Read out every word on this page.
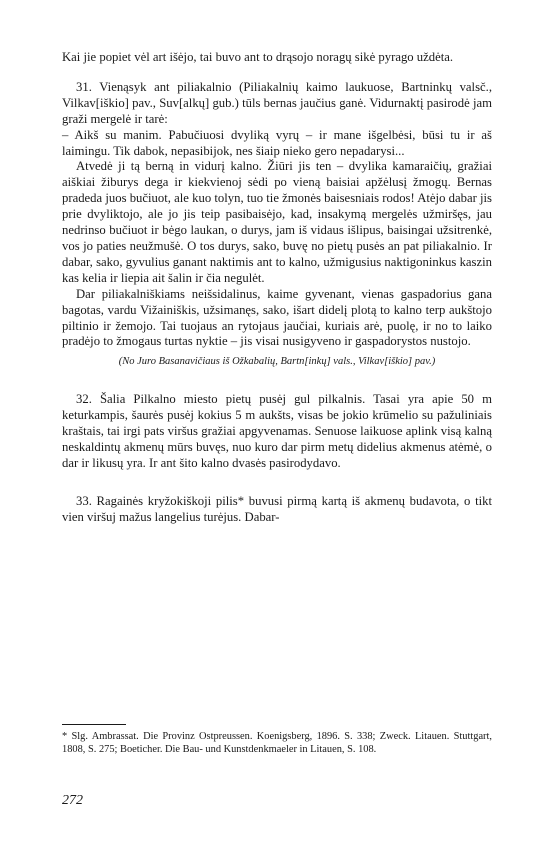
Kai jie popiet vėl art išėjo, tai buvo ant to drąsojo noragų sikė pyrago uždėta.

31. Vienąsyk ant piliakalnio (Piliakalnių kaimo laukuose, Bartninkų valsč., Vilkav[iškio] pav., Suv[alkų] gub.) tūls bernas jaučius ganė. Vidurnaktį pasirodė jam graži mergelė ir tarė:

– Aikš su manim. Pabučiuosi dvyliką vyrų – ir mane išgelbėsi, būsi tu ir aš laimingu. Tik dabok, nepasibijok, nes šiaip nieko gero nepadarysi...

Atvedė ji tą berną in vidurį kalno. Žiūri jis ten – dvylika kamaraičių, gražiai aiškiai žiburys dega ir kiekvienoj sėdi po vieną baisiai apžėlusį žmogų. Bernas pradeda juos bučiuot, ale kuo tolyn, tuo tie žmonės baisesniais rodos! Atėjo dabar jis prie dvyliktojo, ale jo jis teip pasibaisėjo, kad, insakymą mergelės užmiršęs, jau nedrinso bučiuot ir bėgo laukan, o durys, jam iš vidaus išlipus, baisingai užsitrenkė, vos jo paties neužmušė. O tos durys, sako, buvę no pietų pusės an pat piliakalnio. Ir dabar, sako, gyvulius ganant naktimis ant to kalno, užmigusius naktigoninkus kaszin kas kelia ir liepia ait šalin ir čia negulėt.

Dar piliakalniškiams neišsidalinus, kaime gyvenant, vienas gaspadorius gana bagotas, vardu Vižainiškis, užsimanęs, sako, išart didelį plotą to kalno terp aukštojo piltinio ir žemojo. Tai tuojaus an rytojaus jaučiai, kuriais arė, puolę, ir no to laiko pradėjo to žmogaus turtas nyktie – jis visai nusigyveno ir gaspadorystos nustojo.

(No Juro Basanavičiaus iš Ožkabalių, Bartn[inkų] vals., Vilkav[iškio] pav.)

32. Šalia Pilkalno miesto pietų pusėj gul pilkalnis. Tasai yra apie 50 m keturkampis, šaurės pusėj kokius 5 m aukšts, visas be jokio krūmelio su pažuliniais kraštais, tai irgi pats viršus gražiai apgyvenamas. Senuose laikuose aplink visą kalną neskaldintų akmenų mūrs buvęs, nuo kuro dar pirm metų didelius akmenus atėmė, o dar ir likusų yra. Ir ant šito kalno dvasės pasirodydavo.

33. Ragainės kryžokiškoji pilis* buvusi pirmą kartą iš akmenų budavota, o tikt vien viršuj mažus langelius turėjus. Dabar-

* Slg. Ambrassat. Die Provinz Ostpreussen. Koenigsberg, 1896. S. 338; Zweck. Litauen. Stuttgart, 1808, S. 275; Boeticher. Die Bau- und Kunstdenkmaeler in Litauen, S. 108.
272
